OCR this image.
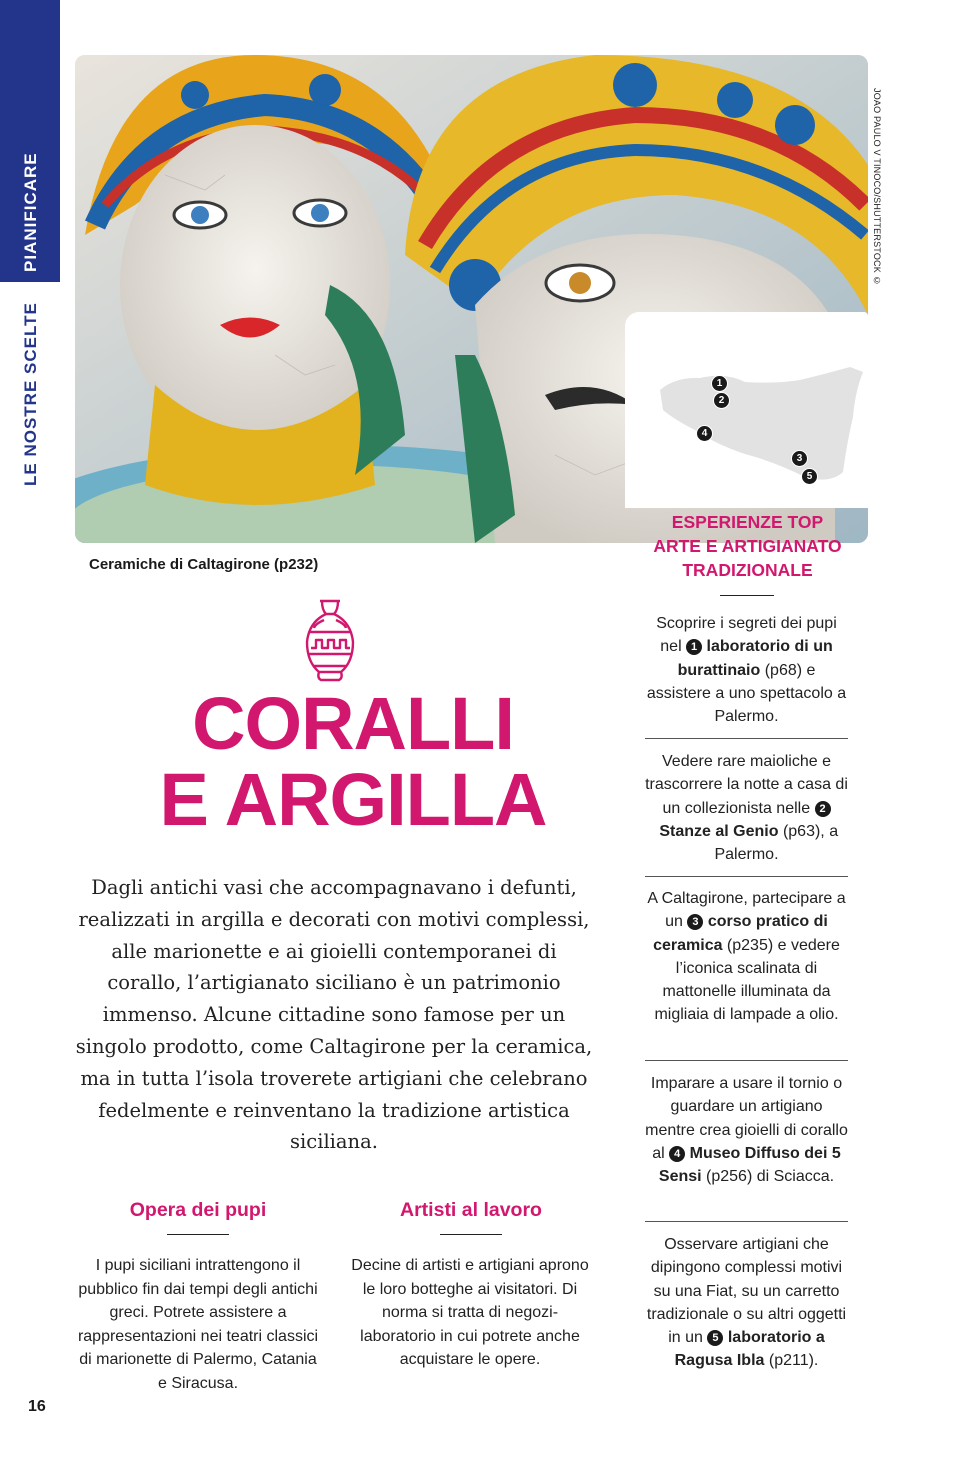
PIANIFICARE
LE NOSTRE SCELTE
JOAO PAULO V TINOCO/SHUTTERSTOCK ©
1
2
4
3
5
Ceramiche di Caltagirone (p232)
CORALLI
E ARGILLA
Dagli antichi vasi che accompagnavano i defunti, realizzati in argilla e decorati con motivi complessi, alle marionette e ai gioielli contemporanei di corallo, l’artigianato siciliano è un patrimonio immenso. Alcune cittadine sono famose per un singolo prodotto, come Caltagirone per la ceramica, ma in tutta l’isola troverete artigiani che celebrano fedelmente e reinventano la tradizione artistica siciliana.
Opera dei pupi
I pupi siciliani intrattengono il pubblico fin dai tempi degli antichi greci. Potrete assistere a rappresentazioni nei teatri classici di marionette di Palermo, Catania e Siracusa.
Artisti al lavoro
Decine di artisti e artigiani aprono le loro botteghe ai visitatori. Di norma si tratta di negozi-laboratorio in cui potrete anche acquistare le opere.
ESPERIENZE TOP
ARTE E ARTIGIANATO
TRADIZIONALE
Scoprire i segreti dei pupi nel 1 laboratorio di un burattinaio (p68) e assistere a uno spettacolo a Palermo.
Vedere rare maioliche e trascorrere la notte a casa di un collezionista nelle 2 Stanze al Genio (p63), a Palermo.
A Caltagirone, partecipare a un 3 corso pratico di ceramica (p235) e vedere l’iconica scalinata di mattonelle illuminata da migliaia di lampade a olio.
Imparare a usare il tornio o guardare un artigiano mentre crea gioielli di corallo al 4 Museo Diffuso dei 5 Sensi (p256) di Sciacca.
Osservare artigiani che dipingono complessi motivi su una Fiat, su un carretto tradizionale o su altri oggetti in un 5 laboratorio a Ragusa Ibla (p211).
16
